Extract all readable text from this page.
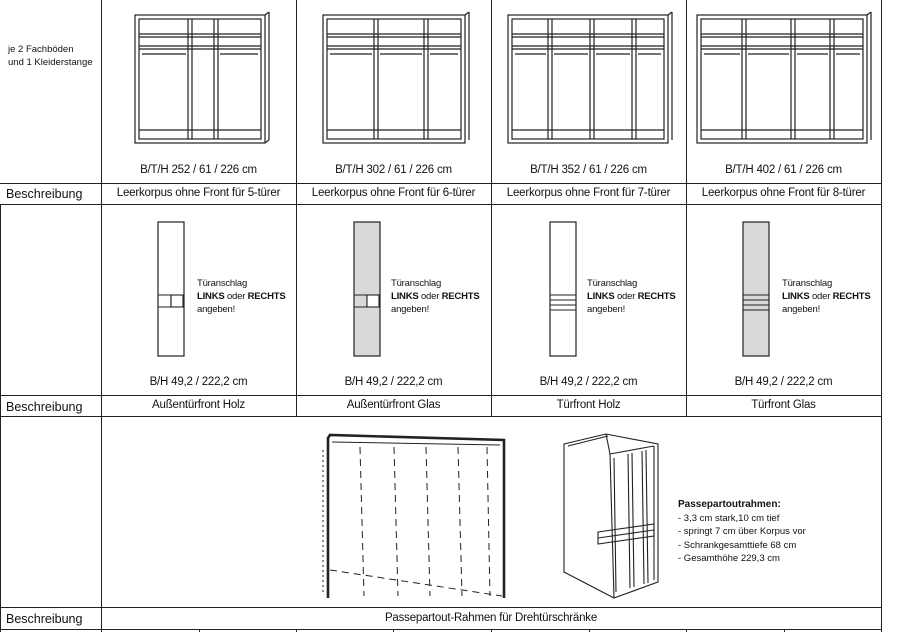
je 2 Fachböden
und 1 Kleiderstange
B/T/H 252 / 61 / 226 cm	B/T/H 302 / 61 / 226 cm	B/T/H 352 / 61 / 226 cm	B/T/H 402 / 61 / 226 cm
Beschreibung	Leerkorpus ohne Front für 5-türer	Leerkorpus ohne Front für 6-türer	Leerkorpus ohne Front für 7-türer	Leerkorpus ohne Front für 8-türer
Türanschlag
LINKS oder RECHTS
angeben!
Türanschlag
LINKS oder RECHTS
angeben!
Türanschlag
LINKS oder RECHTS
angeben!
Türanschlag
LINKS oder RECHTS
angeben!
B/H 49,2 / 222,2 cm	B/H 49,2 / 222,2 cm	B/H 49,2 / 222,2 cm	B/H 49,2 / 222,2 cm
Beschreibung	Außentürfront Holz	Außentürfront Glas	Türfront Holz	Türfront Glas
Passepartoutrahmen:
- 3,3 cm stark,10 cm tief
- springt 7 cm über Korpus vor
- Schrankgesamttiefe 68 cm
- Gesamthöhe 229,3 cm
Beschreibung	Passepartout-Rahmen für Drehtürschränke
